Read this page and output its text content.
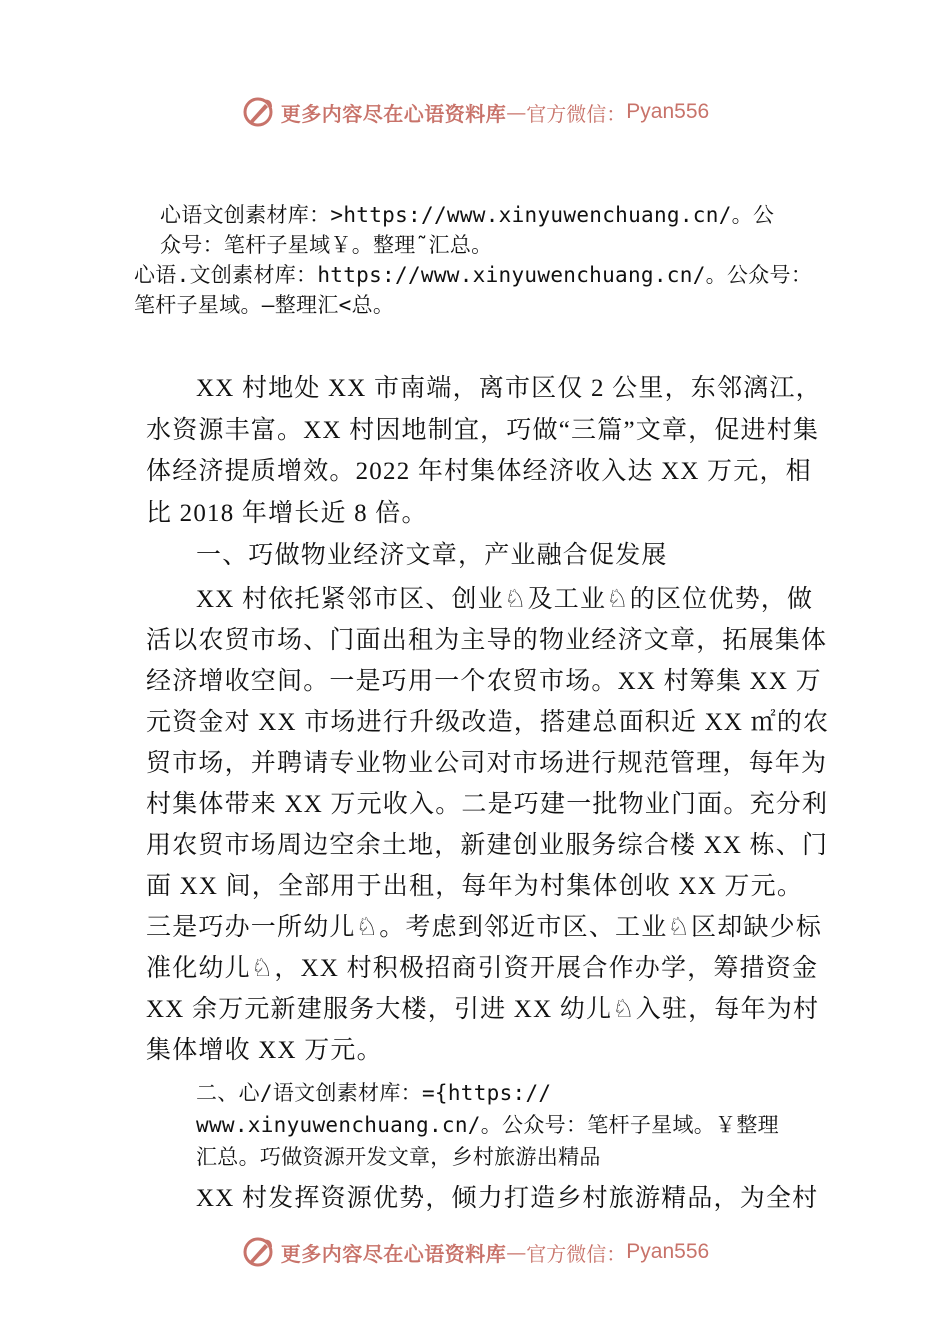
更多内容尽在心语资料库 — 官方微信： Pyan556
心语文创素材库：>https://www.xinyuwenchuang.cn/。公
众号：笔杆子星域￥。整理˜汇总。
心语.文创素材库：https://www.xinyuwenchuang.cn/。公众号：
笔杆子星域。—整理汇<总。
XX 村地处 XX 市南端，离市区仅 2 公里，东邻漓江，
水资源丰富。XX 村因地制宜，巧做“三篇”文章，促进村集
体经济提质增效。2022 年村集体经济收入达 XX 万元，相
比 2018 年增长近 8 倍。
一、巧做物业经济文章，产业融合促发展
XX 村依托紧邻市区、创业♘及工业♘的区位优势，做
活以农贸市场、门面出租为主导的物业经济文章，拓展集体
经济增收空间。一是巧用一个农贸市场。XX 村筹集 XX 万
元资金对 XX 市场进行升级改造，搭建总面积近 XX ㎡的农
贸市场，并聘请专业物业公司对市场进行规范管理，每年为
村集体带来 XX 万元收入。二是巧建一批物业门面。充分利
用农贸市场周边空余土地，新建创业服务综合楼 XX 栋、门
面 XX 间，全部用于出租，每年为村集体创收 XX 万元。
三是巧办一所幼儿♘。考虑到邻近市区、工业♘区却缺少标
准化幼儿♘，XX 村积极招商引资开展合作办学，筹措资金
XX 余万元新建服务大楼，引进 XX 幼儿♘入驻，每年为村
集体增收 XX 万元。
二、心/语文创素材库：={https://
www.xinyuwenchuang.cn/。公众号：笔杆子星域。￥整理
汇总。巧做资源开发文章，乡村旅游出精品
XX 村发挥资源优势，倾力打造乡村旅游精品，为全村
更多内容尽在心语资料库 — 官方微信： Pyan556
